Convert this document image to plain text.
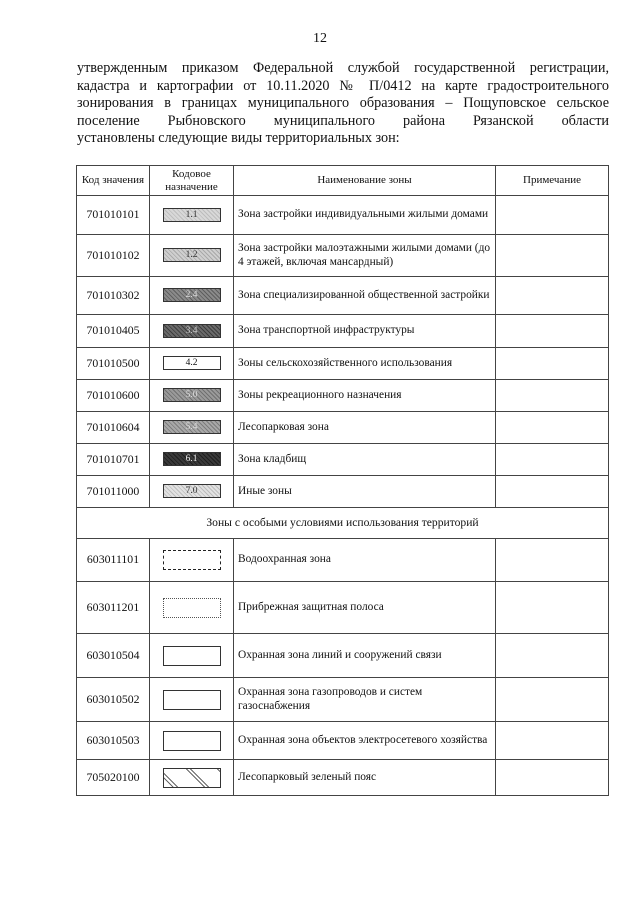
12

утвержденным приказом Федеральной службой государственной регистрации,
кадастра и картографии от 10.11.2020 № П/0412 на карте градостроительного
зонирования в границах муниципального образования – Пощуповское сельское
поселение Рыбновского муниципального района Рязанской области
установлены следующие виды территориальных зон:

Код значения	Кодовое назначение	Наименование зоны	Примечание
701010101	1.1	Зона застройки индивидуальными жилыми домами	
701010102	1.2	Зона застройки малоэтажными жилыми домами (до 4 этажей, включая мансардный)	
701010302	2.4	Зона специализированной общественной застройки	
701010405	3.4	Зона транспортной инфраструктуры	
701010500	4.2	Зоны сельскохозяйственного использования	
701010600	5.0	Зоны рекреационного назначения	
701010604	5.4	Лесопарковая зона	
701010701	6.1	Зона кладбищ	
701011000	7.0	Иные зоны	
Зоны с особыми условиями использования территорий			
603011101		Водоохранная зона	
603011201		Прибрежная защитная полоса	
603010504		Охранная зона линий и сооружений связи	
603010502		Охранная зона газопроводов и систем газоснабжения	
603010503		Охранная зона объектов электросетевого хозяйства	
705020100		Лесопарковый зеленый пояс	
